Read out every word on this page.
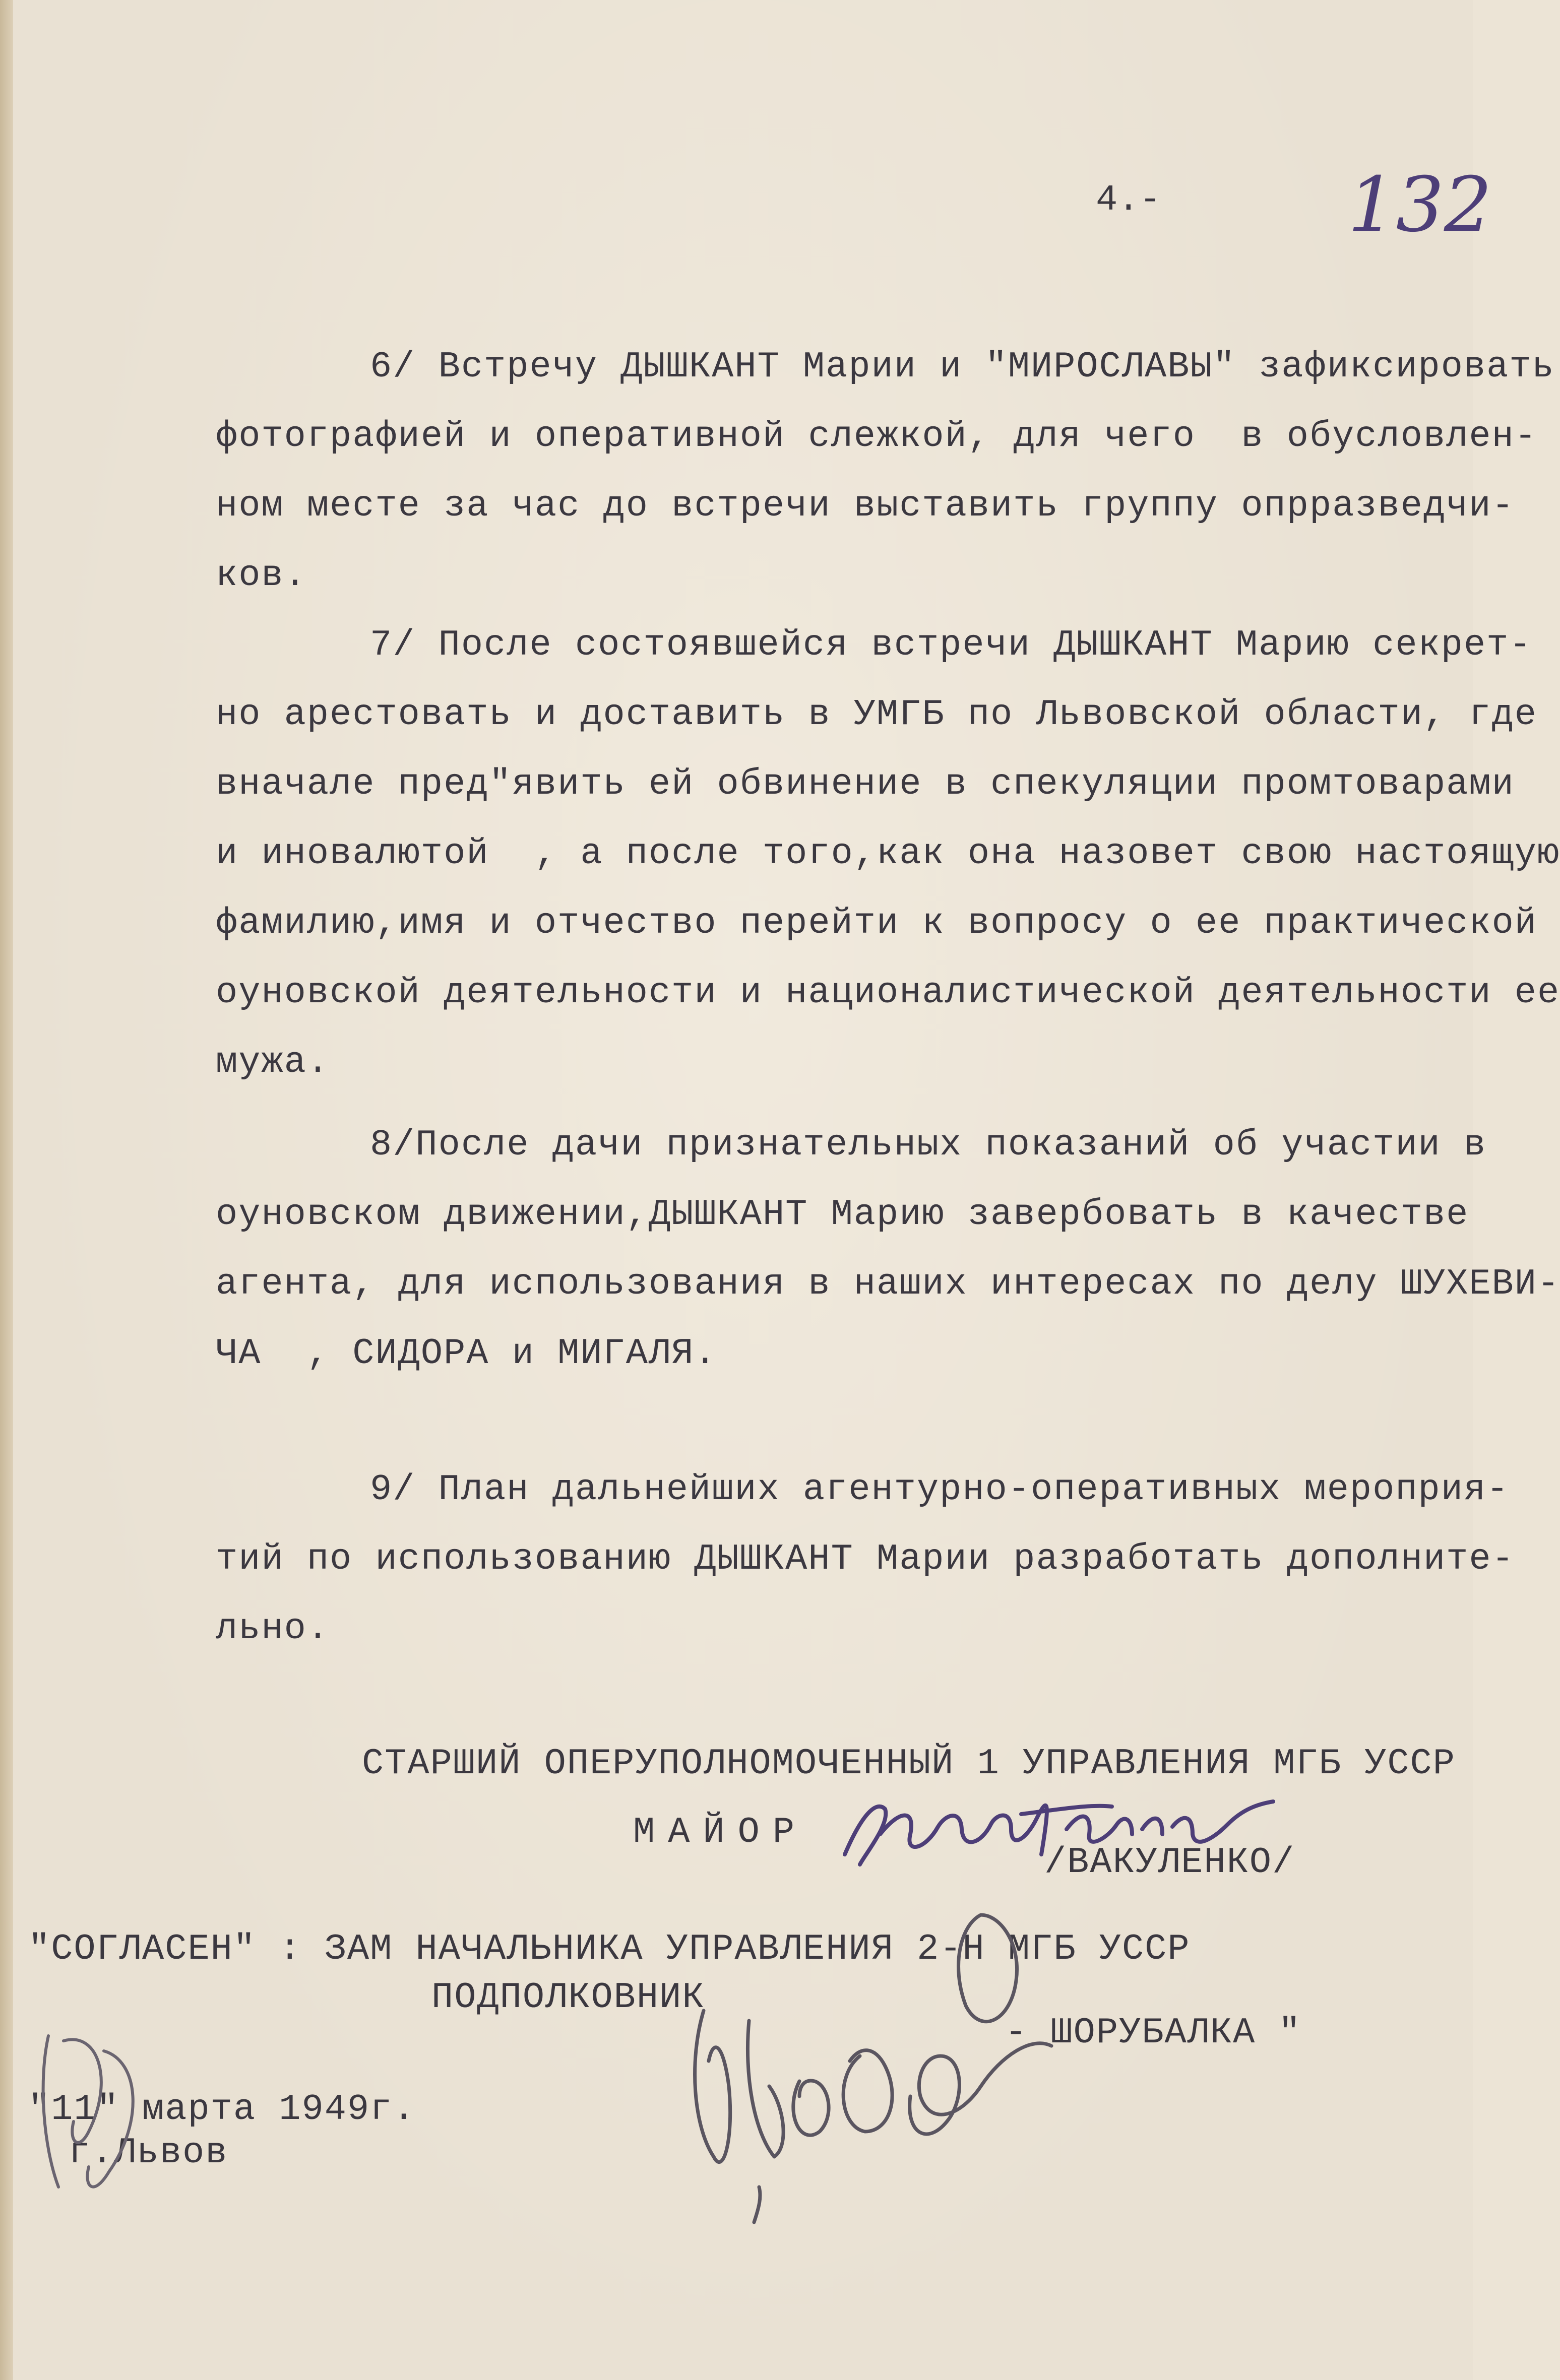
4.- 132
6/ Встречу ДЫШКАНТ Марии и "МИРОСЛАВЫ" зафиксировать
фотографией и оперативной слежкой, для чего  в обусловлен-
ном месте за час до встречи выставить группу опрразведчи-
ков.
7/ После состоявшейся встречи ДЫШКАНТ Марию секрет-
но арестовать и доставить в УМГБ по Львовской области, где
вначале пред"явить ей обвинение в спекуляции промтоварами
и иновалютой  , а после того,как она назовет свою настоящую
фамилию,имя и отчество перейти к вопросу о ее практической
оуновской деятельности и националистической деятельности ее
мужа.
8/После дачи признательных показаний об участии в
оуновском движении,ДЫШКАНТ Марию завербовать в качестве
агента, для использования в наших интересах по делу ШУХЕВИ-
ЧА  , СИДОРА и МИГАЛЯ.
9/ План дальнейших агентурно-оперативных мероприя-
тий по использованию ДЫШКАНТ Марии разработать дополните-
льно.
СТАРШИЙ ОПЕРУПОЛНОМОЧЕННЫЙ 1 УПРАВЛЕНИЯ МГБ УССР
МАЙОР
/ВАКУЛЕНКО/
"СОГЛАСЕН" : ЗАМ НАЧАЛЬНИКА УПРАВЛЕНИЯ 2-Н МГБ УССР
ПОДПОЛКОВНИК
- ШОРУБАЛКА "
"11" марта 1949г.
г.Львов
